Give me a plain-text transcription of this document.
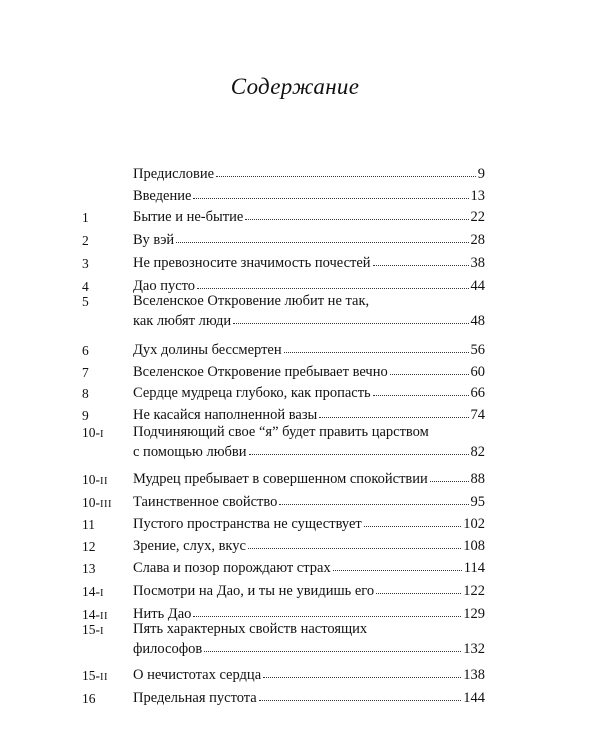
Содержание
Предисловие	9
Введение	13
1	Бытие и не-бытие	22
2	Ву вэй	28
3	Не превозносите значимость почестей	38
4	Дао пусто	44
5	Вселенское Откровение любит не так,
как любят люди	48
6	Дух долины бессмертен	56
7	Вселенское Откровение пребывает вечно	60
8	Сердце мудреца глубоко, как пропасть	66
9	Не касайся наполненной вазы	74
10-I Подчиняющий свое “я” будет править царством
с помощью любви	82
10-II Мудрец пребывает в совершенном спокойствии	88
10-III Таинственное свойство	95
11	Пустого пространства не существует	102
12	Зрение, слух, вкус	108
13	Слава и позор порождают страх	114
14-I Посмотри на Дао, и ты не увидишь его	122
14-II Нить Дао	129
15-I Пять характерных свойств настоящих
философов	132
15-II О нечистотах сердца	138
16	Предельная пустота	144
